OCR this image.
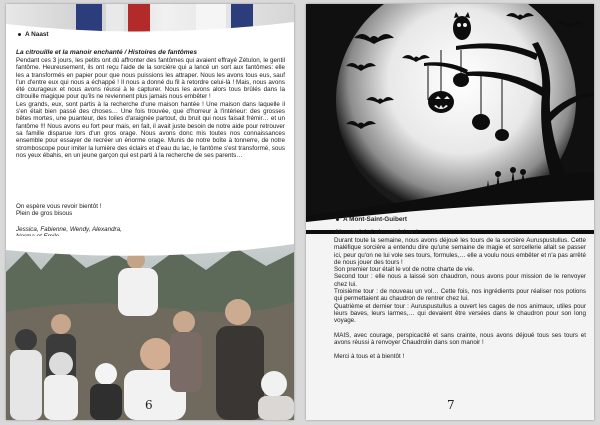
A Naast

La citrouille et la manoir enchanté / Histoires de fantômes

Pendant ces 3 jours, les petits ont dû affronter des fantômes qui avaient effrayé Zétulon, le gentil fantôme. Heureusement, ils ont reçu l'aide de la sorcière qui a lancé un sort aux fantômes: elle les a transformés en papier pour que nous puissions les attraper. Nous les avons tous eus, sauf l'un d'entre eux qui nous a échappé ! Il nous a donné du fil à retordre celui-là ! Mais, nous avons été courageux et nous avons réussi à le capturer. Nous les avons alors tous brûlés dans la citrouille magique pour qu'ils ne reviennent plus jamais nous embêter !

Les grands, eux, sont partis à la recherche d'une maison hantée ! Une maison dans laquelle il s'en était bien passé des choses… Une fois trouvée, que d'horreur à l'intérieur: des grosses bêtes mortes, une puanteur, des toiles d'araignée partout, du bruit qui nous faisait frémir… et un fantôme !!! Nous avons eu fort peur mais, en fait, il avait juste besoin de notre aide pour retrouver sa famille disparue lors d'un gros orage. Nous avons donc mis toutes nos connaissances ensemble pour essayer de recréer un énorme orage. Munis de notre boîte à tonnerre, de notre stromboscope pour imiter la lumière des éclairs et d'eau du lac, le fantôme s'est transformé, sous nos yeux ébahis, en un jeune garçon qui est parti à la recherche de ses parents…

On espère vous revoir bientôt !

Plein de gros bisous

Jessica, Fabienne, Wendy, Alexandra,
6
A Mont-Saint-Guibert

Abracadabri abracadabra !

Durant toute la semaine, nous avons déjoué les tours de la sorcière Auruspustullus. Cette maléfique sorcière a entendu dire qu'une semaine de magie et sorcellerie allait se passer ici, peur qu'on ne lui vole ses tours, formules,… elle a voulu nous embêter et n'a pas arrêté de nous jouer des tours !

Son premier tour était le vol de notre charte de vie.

Second tour : elle nous a laissé son chaudron, nous avons pour mission de le renvoyer chez lui.

Troisième tour : de nouveau un vol… Cette fois, nos ingrédients pour réaliser nos potions qui permettaient au chaudron de rentrer chez lui.

Quatrième et dernier tour : Auruspustullus a ouvert les cages de nos animaux, utiles pour leurs baves, leurs larmes,… qui devaient être versées dans le chaudron pour son long voyage.

MAIS, avec courage, perspicacité et sans crainte, nous avons déjoué tous ses tours et avons réussi à renvoyer Chaudrolin dans son manoir !

Merci à tous et à bientôt !

7
